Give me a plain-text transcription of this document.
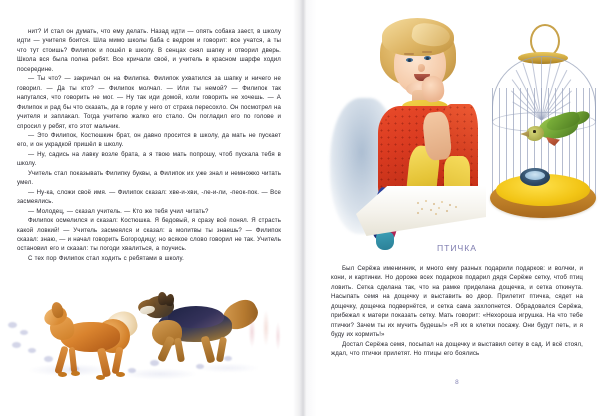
нит? И стал он думать, что ему делать. Назад идти — опять собака заест, в школу идти — учителя боится. Шла мимо школы баба с ведром и говорит: все учатся, а ты что тут стоишь? Филипок и пошёл в школу. В сенцах снял шапку и отворил дверь. Школа вся была полна ребят. Все кричали своё, и учитель в красном шарфе ходил посередине.

— Ты что? — закричал он на Филипка. Филипок ухватился за шапку и ничего не говорил. — Да ты кто? — Филипок молчал. — Или ты немой? — Филипок так напугался, что говорить не мог. — Ну так иди домой, коли говорить не хочешь. — А Филипок и рад бы что сказать, да в горле у него от страха пересохло. Он посмотрел на учителя и заплакал. Тогда учителю жалко его стало. Он погладил его по голове и спросил у ребят, кто этот мальчик.

— Это Филипок, Костюшкин брат, он давно просится в школу, да мать не пускает его, и он украдкой пришёл в школу.

— Ну, садись на лавку возле брата, а я твою мать попрошу, чтоб пускала тебя в школу.

Учитель стал показывать Филипку буквы, а Филипок их уже знал и немножко читать умел.

— Ну-ка, сложи своё имя. — Филипок сказал: хве-и-хви, -ле-и-ли, -пеок-пок. — Все засмеялись.

— Молодец, — сказал учитель. — Кто же тебя учил читать?

Филипок осмелился и сказал: Костюшка. Я бедовый, я сразу всё понял. Я страсть какой ловкий! — Учитель засмеялся и сказал: а молитвы ты знаешь? — Филипок сказал: знаю, — и начал говорить Богородицу; но всякое слово говорил не так. Учитель остановил его и сказал: ты погоди хвалиться, а поучись.

С тех пор Филипок стал ходить с ребятами в школу.

ПТИЧКА

Был Серёжа именинник, и много ему разных подарили подарков: и волчки, и кони, и картинки. Но дороже всех подарков подарил дядя Серёже сетку, чтоб птиц ловить. Сетка сделана так, что на рамке приделана дощечка, и сетка откинута. Насыпать семя на дощечку и выставить во двор. Прилетит птичка, сядет на дощечку, дощечка подвернётся, и сетка сама захлопнется. Обрадовался Серёжа, прибежал к матери показать сетку. Мать говорит: «Нехороша игрушка. На что тебе птички? Зачем ты их мучить будешь!» «Я их в клетки посажу. Они будут петь, и я буду их кормить!»

Достал Серёжа семя, посыпал на дощечку и выставил сетку в сад. И всё стоял, ждал, что птички прилетят. Но птицы его боялись

8
